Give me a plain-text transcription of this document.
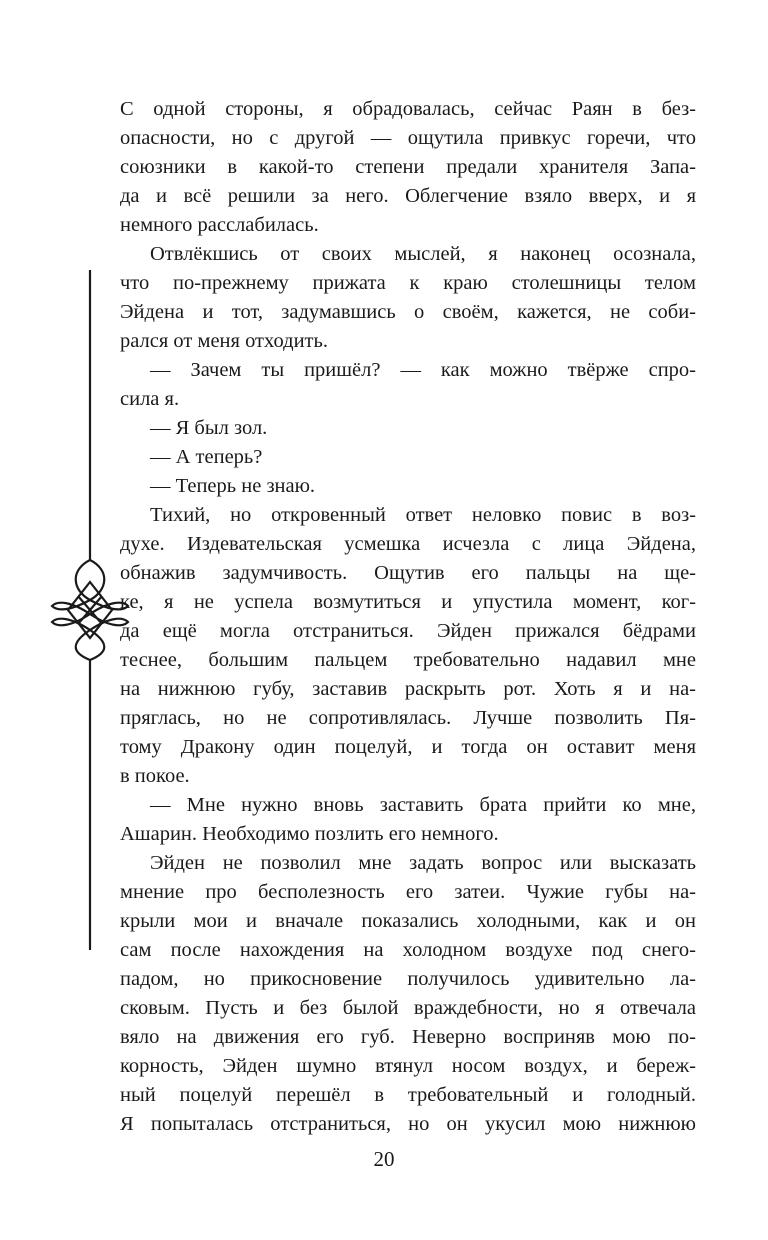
С одной стороны, я обрадовалась, сейчас Раян в без-
опасности, но с другой — ощутила привкус горечи, что
союзники в какой-то степени предали хранителя Запа-
да и всё решили за него. Облегчение взяло вверх, и я
немного расслабилась.
Отвлёкшись от своих мыслей, я наконец осознала,
что по-прежнему прижата к краю столешницы телом
Эйдена и тот, задумавшись о своём, кажется, не соби-
рался от меня отходить.
— Зачем ты пришёл? — как можно твёрже спро-
сила я.
— Я был зол.
— А теперь?
— Теперь не знаю.
Тихий, но откровенный ответ неловко повис в воз-
духе. Издевательская усмешка исчезла с лица Эйдена,
обнажив задумчивость. Ощутив его пальцы на ще-
ке, я не успела возмутиться и упустила момент, ког-
да ещё могла отстраниться. Эйден прижался бёдрами
теснее, большим пальцем требовательно надавил мне
на нижнюю губу, заставив раскрыть рот. Хоть я и на-
пряглась, но не сопротивлялась. Лучше позволить Пя-
тому Дракону один поцелуй, и тогда он оставит меня
в покое.
— Мне нужно вновь заставить брата прийти ко мне,
Ашарин. Необходимо позлить его немного.
Эйден не позволил мне задать вопрос или высказать
мнение про бесполезность его затеи. Чужие губы на-
крыли мои и вначале показались холодными, как и он
сам после нахождения на холодном воздухе под снего-
падом, но прикосновение получилось удивительно ла-
сковым. Пусть и без былой враждебности, но я отвечала
вяло на движения его губ. Неверно восприняв мою по-
корность, Эйден шумно втянул носом воздух, и береж-
ный поцелуй перешёл в требовательный и голодный.
Я попыталась отстраниться, но он укусил мою нижнюю
20
